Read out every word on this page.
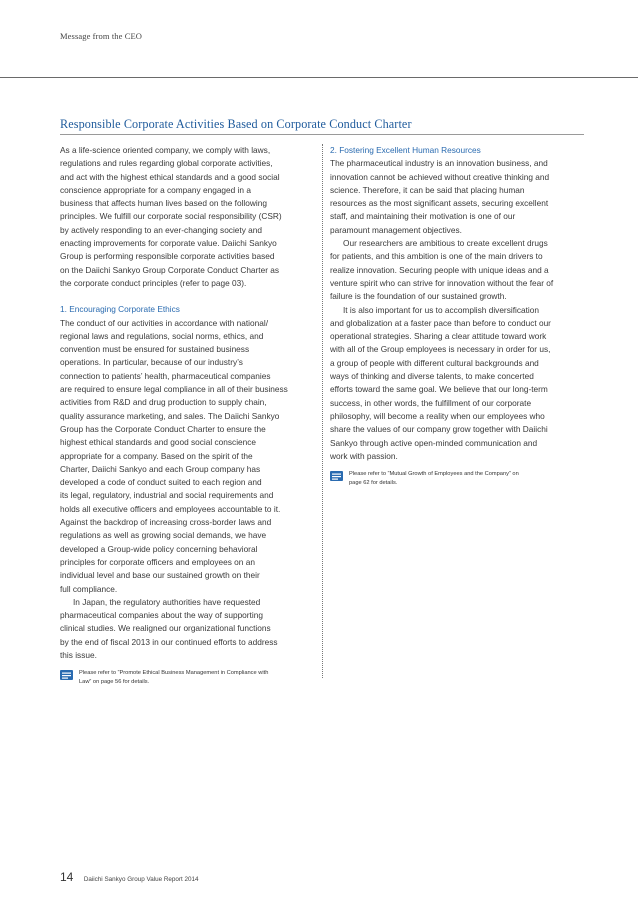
Message from the CEO
Responsible Corporate Activities Based on Corporate Conduct Charter
As a life-science oriented company, we comply with laws,
regulations and rules regarding global corporate activities,
and act with the highest ethical standards and a good social
conscience appropriate for a company engaged in a
business that affects human lives based on the following
principles. We fulfill our corporate social responsibility (CSR)
by actively responding to an ever-changing society and
enacting improvements for corporate value. Daiichi Sankyo
Group is performing responsible corporate activities based
on the Daiichi Sankyo Group Corporate Conduct Charter as
the corporate conduct principles (refer to page 03).
1. Encouraging Corporate Ethics
The conduct of our activities in accordance with national/
regional laws and regulations, social norms, ethics, and
convention must be ensured for sustained business
operations. In particular, because of our industry’s
connection to patients’ health, pharmaceutical companies
are required to ensure legal compliance in all of their business
activities from R&D and drug production to supply chain,
quality assurance marketing, and sales. The Daiichi Sankyo
Group has the Corporate Conduct Charter to ensure the
highest ethical standards and good social conscience
appropriate for a company. Based on the spirit of the
Charter, Daiichi Sankyo and each Group company has
developed a code of conduct suited to each region and
its legal, regulatory, industrial and social requirements and
holds all executive officers and employees accountable to it.
Against the backdrop of increasing cross-border laws and
regulations as well as growing social demands, we have
developed a Group-wide policy concerning behavioral
principles for corporate officers and employees on an
individual level and base our sustained growth on their
full compliance.
In Japan, the regulatory authorities have requested
pharmaceutical companies about the way of supporting
clinical studies. We realigned our organizational functions
by the end of fiscal 2013 in our continued efforts to address
this issue.
Please refer to “Promote Ethical Business Management in Compliance with
Law” on page 56 for details.
2. Fostering Excellent Human Resources
The pharmaceutical industry is an innovation business, and
innovation cannot be achieved without creative thinking and
science. Therefore, it can be said that placing human
resources as the most significant assets, securing excellent
staff, and maintaining their motivation is one of our
paramount management objectives.
Our researchers are ambitious to create excellent drugs
for patients, and this ambition is one of the main drivers to
realize innovation. Securing people with unique ideas and a
venture spirit who can strive for innovation without the fear of
failure is the foundation of our sustained growth.
It is also important for us to accomplish diversification
and globalization at a faster pace than before to conduct our
operational strategies. Sharing a clear attitude toward work
with all of the Group employees is necessary in order for us,
a group of people with different cultural backgrounds and
ways of thinking and diverse talents, to make concerted
efforts toward the same goal. We believe that our long-term
success, in other words, the fulfillment of our corporate
philosophy, will become a reality when our employees who
share the values of our company grow together with Daiichi
Sankyo through active open-minded communication and
work with passion.
Please refer to “Mutual Growth of Employees and the Company” on
page 62 for details.
14 Daiichi Sankyo Group Value Report 2014
